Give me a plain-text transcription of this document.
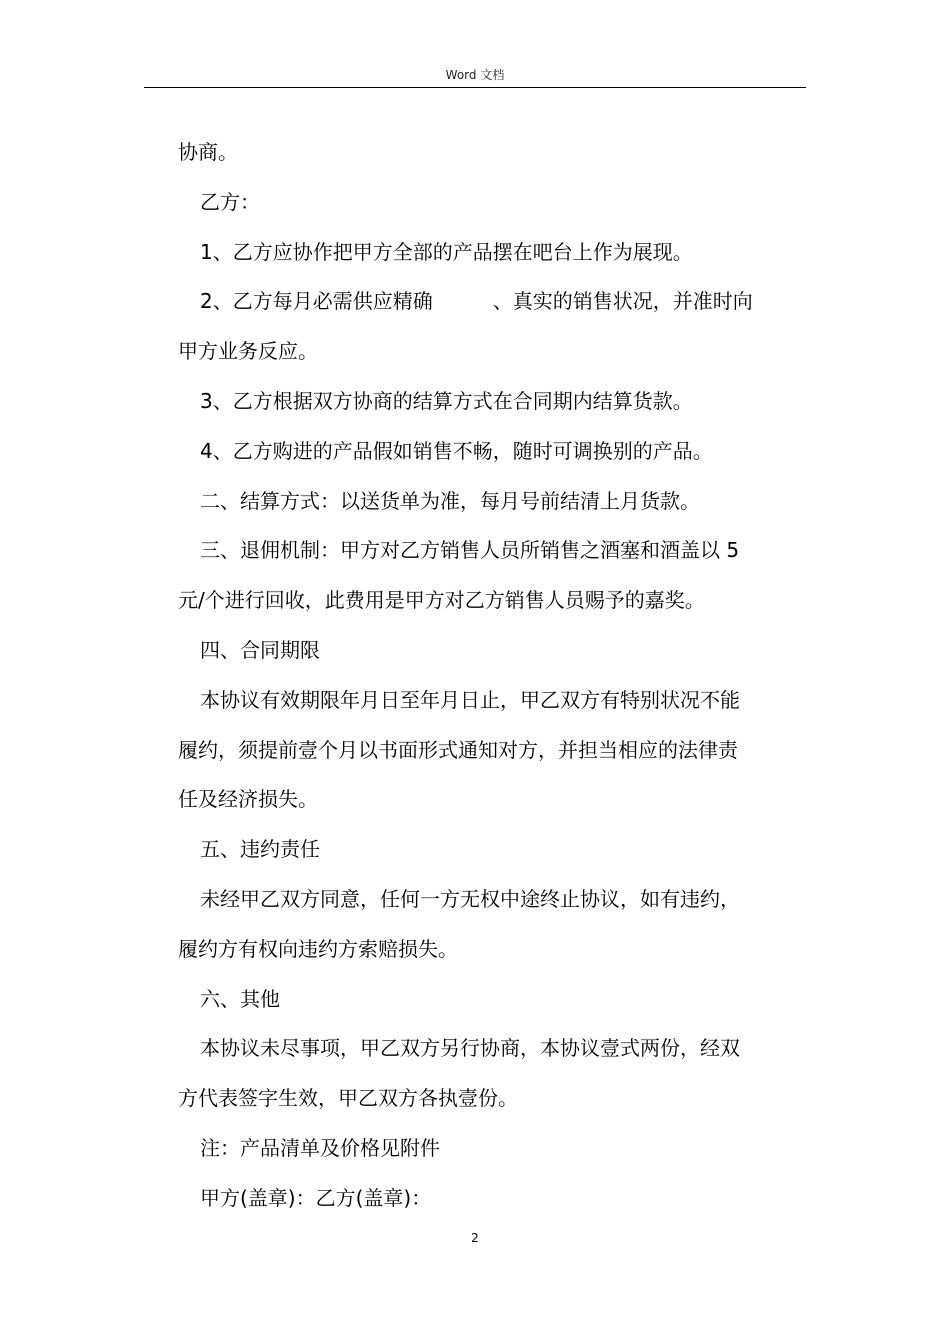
Word 文档

协商。

乙方：

1、乙方应协作把甲方全部的产品摆在吧台上作为展现。

2、乙方每月必需供应精确　　　、真实的销售状况，并准时向

甲方业务反应。

3、乙方根据双方协商的结算方式在合同期内结算货款。

4、乙方购进的产品假如销售不畅，随时可调换别的产品。

二、结算方式：以送货单为准，每月号前结清上月货款。

三、退佣机制：甲方对乙方销售人员所销售之酒塞和酒盖以 5

元/个进行回收，此费用是甲方对乙方销售人员赐予的嘉奖。

四、合同期限

本协议有效期限年月日至年月日止，甲乙双方有特别状况不能

履约，须提前壹个月以书面形式通知对方，并担当相应的法律责

任及经济损失。

五、违约责任

未经甲乙双方同意，任何一方无权中途终止协议，如有违约，

履约方有权向违约方索赔损失。

六、其他

本协议未尽事项，甲乙双方另行协商，本协议壹式两份，经双

方代表签字生效，甲乙双方各执壹份。

注：产品清单及价格见附件

甲方(盖章)：乙方(盖章)：

2
